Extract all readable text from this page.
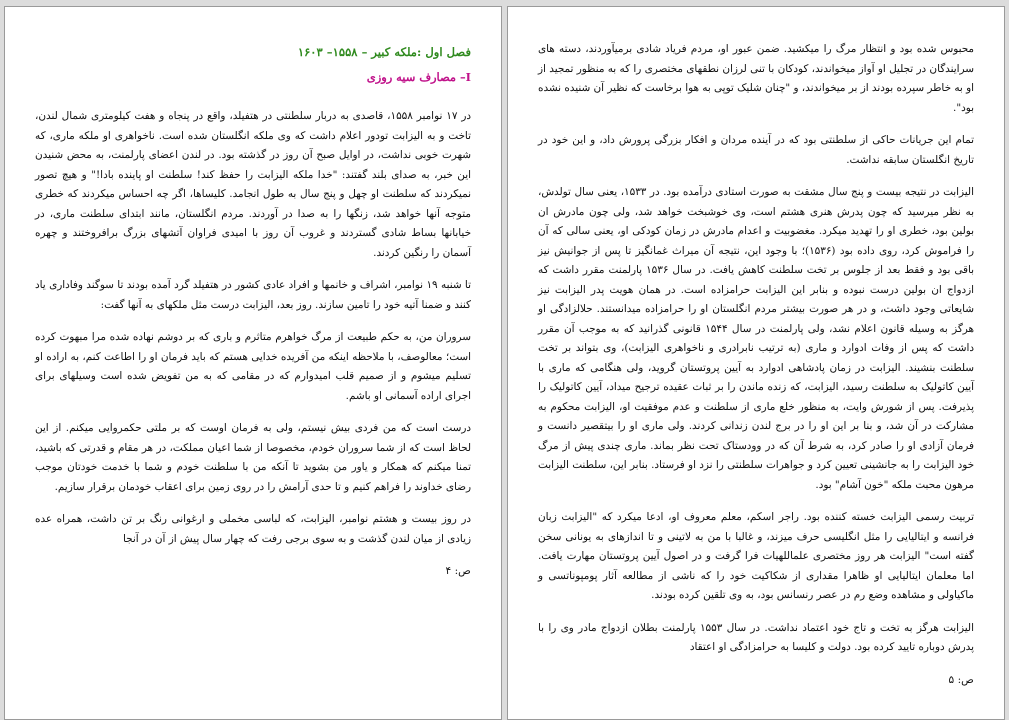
فصل اول :ملکه کبیر – ۱۵۵۸– ۱۶۰۳
I– مصارف سیه روزی

در ۱۷ نوامبر ۱۵۵۸، قاصدی به دربار سلطنتی در هتفیلد، واقع در پنجاه و هفت کیلومتری شمال لندن، تاخت و به الیزابت تودور اعلام داشت که وی ملکه انگلستان شده است. ناخواهری او ملکه ماری، که شهرت خوبی نداشت، در اوایل صبح آن روز در گذشته بود. در لندن اعضای پارلمنت، به محض شنیدن این خبر، به صدای بلند گفتند: "خدا ملکه الیزابت را حفظ کند! سلطنت او پاینده بادا!" و هیچ تصور نمیکردند که سلطنت او چهل و پنج سال به طول انجامد. کلیساها، اگر چه احساس میکردند که خطری متوجه آنها خواهد شد، زنگها را به صدا در آوردند. مردم انگلستان، مانند ابتدای سلطنت ماری، در خیابانها بساط شادی گستردند و غروب آن روز با امیدی فراوان آتشهای بزرگ برافروختند و چهره آسمان را رنگین کردند.

تا شنبه ۱۹ نوامبر، اشراف و خانمها و افراد عادی کشور در هتفیلد گرد آمده بودند تا سوگند وفاداری یاد کنند و ضمنا آتیه خود را تامین سازند. روز بعد، الیزابت درست مثل ملکهای به آنها گفت:

سروران من، به حکم طبیعت از مرگ خواهرم متاثرم و باری که بر دوشم نهاده شده مرا مبهوت کرده است؛ معالوصف، با ملاحظه اینکه من آفریده خدایی هستم که باید فرمان او را اطاعت کنم، به اراده او تسلیم میشوم و از صمیم قلب امیدوارم که در مقامی که به من تفویض شده است وسیلهای برای اجرای اراده آسمانی او باشم.

درست است که من فردی بیش نیستم، ولی به فرمان اوست که بر ملتی حکمروایی میکنم. از این لحاظ است که از شما سروران خودم، مخصوصا از شما اعیان مملکت، در هر مقام و قدرتی که باشید، تمنا میکنم که همکار و یاور من بشوید تا آنکه من با سلطنت خودم و شما با خدمت خودتان موجب رضای خداوند را فراهم کنیم و تا حدی آرامش را در روی زمین برای اعقاب خودمان برقرار سازیم.

در روز بیست و هشتم نوامبر، الیزابت، که لباسی مخملی و ارغوانی رنگ بر تن داشت، همراه عده زیادی از میان لندن گذشت و به سوی برجی رفت که چهار سال پیش از آن در آنجا

ص: ۴

محبوس شده بود و انتظار مرگ را میکشید. ضمن عبور او، مردم فریاد شادی برمیآوردند، دسته های سرایندگان در تجلیل او آواز میخواندند، کودکان با تنی لرزان نطقهای مختصری را که به منظور تمجید از او به خاطر سپرده بودند از بر میخواندند، و "چنان شلیک توپی به هوا برخاست که نظیر آن شنیده نشده بود".

تمام این جریانات حاکی از سلطنتی بود که در آینده مردان و افکار بزرگی پرورش داد، و این خود در تاریخ انگلستان سابقه نداشت.

الیزابت در نتیجه بیست و پنج سال مشقت به صورت استادی درآمده بود. در ۱۵۳۳، یعنی سال تولدش، به نظر میرسید که چون پدرش هنری هشتم است، وی خوشبخت خواهد شد، ولی چون مادرش ان بولین بود، خطری او را تهدید میکرد. مغضوبیت و اعدام مادرش در زمان کودکی او، یعنی سالی که آن را فراموش کرد، روی داده بود (۱۵۳۶)؛ با وجود این، نتیجه آن میراث غمانگیز تا پس از جوانیش نیز باقی بود و فقط بعد از جلوس بر تخت سلطنت کاهش یافت. در سال ۱۵۳۶ پارلمنت مقرر داشت که ازدواج ان بولین درست نبوده و بنابر این الیزابت حرامزاده است. در همان هویت پدر الیزابت نیز شایعاتی وجود داشت، و در هر صورت بیشتر مردم انگلستان او را حرامزاده میدانستند. حلالزادگی او هرگز به وسیله قانون اعلام نشد، ولی پارلمنت در سال ۱۵۴۴ قانونی گذرانید که به موجب آن مقرر داشت که پس از وفات ادوارد و ماری (به ترتیب نابرادری و ناخواهری الیزابت)، وی بتواند بر تخت سلطنت بنشیند. الیزابت در زمان پادشاهی ادوارد به آیین پروتستان گروید، ولی هنگامی که ماری با آیین کاتولیک به سلطنت رسید، الیزابت، که زنده ماندن را بر ثبات عقیده ترجیح میداد، آیین کاتولیک را پذیرفت. پس از شورش وایت، به منظور خلع ماری از سلطنت و عدم موفقیت او، الیزابت محکوم به مشارکت در آن شد، و بنا بر این او را در برج لندن زندانی کردند. ولی ماری او را بیتقصیر دانست و فرمان آزادی او را صادر کرد، به شرط آن که در وودستاک تحت نظر بماند. ماری چندی پیش از مرگ خود الیزابت را به جانشینی تعیین کرد و جواهرات سلطنتی را نزد او فرستاد. بنابر این، سلطنت الیزابت مرهون محبت ملکه "خون آشام" بود.

تربیت رسمی الیزابت خسته کننده بود. راجر اسکم، معلم معروف او، ادعا میکرد که "الیزابت زبان فرانسه و ایتالیایی را مثل انگلیسی حرف میزند، و غالبا با من به لاتینی و تا اندازهای به یونانی سخن گفته است" الیزابت هر روز مختصری علماللهیات فرا گرفت و در اصول آیین پروتستان مهارت یافت. اما معلمان ایتالیایی او ظاهرا مقداری از شکاکیت خود را که ناشی از مطالعه آثار پومپوناتسی و ماکیاولی و مشاهده وضع رم در عصر رنسانس بود، به وی تلقین کرده بودند.

الیزابت هرگز به تخت و تاج خود اعتماد نداشت. در سال ۱۵۵۳ پارلمنت بطلان ازدواج مادر وی را با پدرش دوباره تایید کرده بود. دولت و کلیسا به حرامزادگی او اعتقاد

ص: ۵
